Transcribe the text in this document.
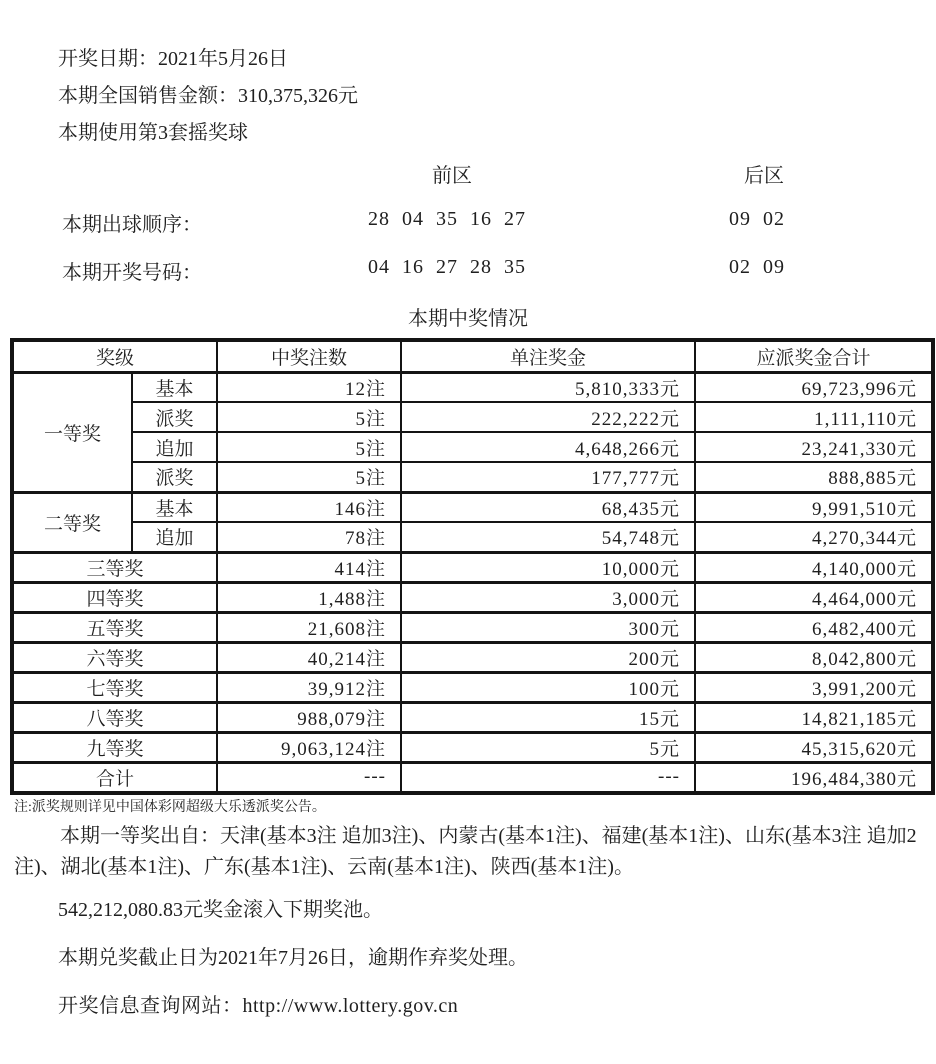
开奖日期：2021年5月26日
本期全国销售金额：310,375,326元
本期使用第3套摇奖球
前区	后区
本期出球顺序：	28 04 35 16 27	09 02
本期开奖号码：	04 16 27 28 35	02 09
本期中奖情况
奖级		中奖注数	单注奖金	应派奖金合计
一等奖	基本	12注	5,810,333元	69,723,996元
	派奖	5注	222,222元	1,111,110元
	追加	5注	4,648,266元	23,241,330元
	派奖	5注	177,777元	888,885元
二等奖	基本	146注	68,435元	9,991,510元
	追加	78注	54,748元	4,270,344元
三等奖		414注	10,000元	4,140,000元
四等奖		1,488注	3,000元	4,464,000元
五等奖		21,608注	300元	6,482,400元
六等奖		40,214注	200元	8,042,800元
七等奖		39,912注	100元	3,991,200元
八等奖		988,079注	15元	14,821,185元
九等奖		9,063,124注	5元	45,315,620元
合计		---	---	196,484,380元
注:派奖规则详见中国体彩网超级大乐透派奖公告。
本期一等奖出自：天津(基本3注 追加3注)、内蒙古(基本1注)、福建(基本1注)、山东(基本3注 追加2注)、湖北(基本1注)、广东(基本1注)、云南(基本1注)、陕西(基本1注)。
542,212,080.83元奖金滚入下期奖池。
本期兑奖截止日为2021年7月26日，逾期作弃奖处理。
开奖信息查询网站：http://www.lottery.gov.cn
